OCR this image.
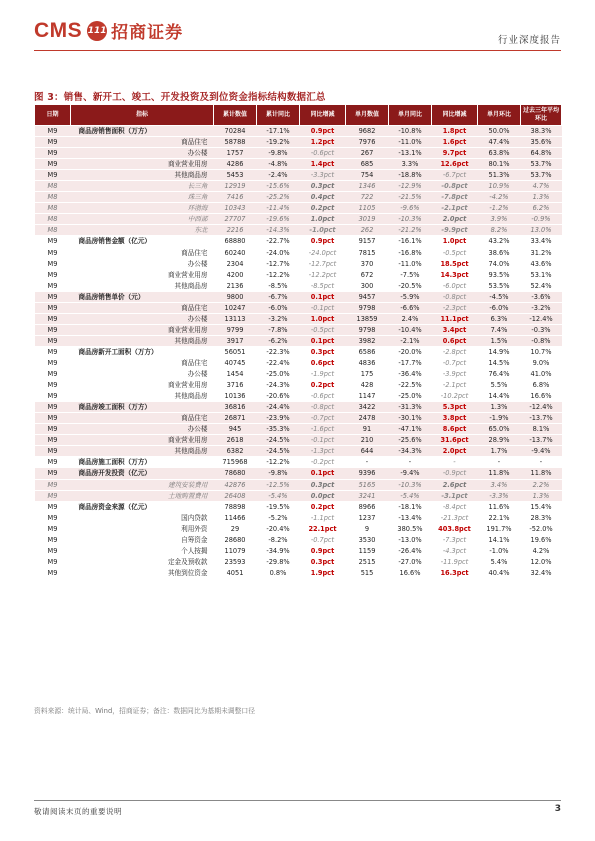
CMS 111 招商证券	行业深度报告
图 3：销售、新开工、竣工、开发投资及到位资金指标结构数据汇总
日期	指标	累计数值	累计同比	同比增减	单月数值	单月同比	同比增减	单月环比	过去三年平均环比
M9	商品房销售面积（万方）	70284	-17.1%	0.9pct	9682	-10.8%	1.8pct	50.0%	38.3%
M9	商品住宅	58788	-19.2%	1.2pct	7976	-11.0%	1.6pct	47.4%	35.6%
M9	办公楼	1757	-9.8%	-0.6pct	267	-13.1%	9.7pct	63.8%	64.8%
M9	商业营业用房	4286	-4.8%	1.4pct	685	3.3%	12.6pct	80.1%	53.7%
M9	其他商品房	5453	-2.4%	-3.3pct	754	-18.8%	-6.7pct	51.3%	53.7%
M8	长三角	12919	-15.6%	0.3pct	1346	-12.9%	-0.8pct	10.9%	4.7%
M8	珠三角	7416	-25.2%	0.4pct	722	-21.5%	-7.8pct	-4.2%	1.3%
M8	环渤海	10343	-11.4%	0.2pct	1105	-9.6%	-2.1pct	-1.2%	6.2%
M8	中西部	27707	-19.6%	1.0pct	3019	-10.3%	2.0pct	3.9%	-0.9%
M8	东北	2216	-14.3%	-1.0pct	262	-21.2%	-9.9pct	8.2%	13.0%
M9	商品房销售金额（亿元）	68880	-22.7%	0.9pct	9157	-16.1%	1.0pct	43.2%	33.4%
M9	商品住宅	60240	-24.0%	-24.0pct	7815	-16.8%	-0.5pct	38.6%	31.2%
M9	办公楼	2304	-12.7%	-12.7pct	370	-11.0%	18.5pct	74.0%	43.6%
M9	商业营业用房	4200	-12.2%	-12.2pct	672	-7.5%	14.3pct	93.5%	53.1%
M9	其他商品房	2136	-8.5%	-8.5pct	300	-20.5%	-6.0pct	53.5%	52.4%
M9	商品房销售单价（元）	9800	-6.7%	0.1pct	9457	-5.9%	-0.8pct	-4.5%	-3.6%
M9	商品住宅	10247	-6.0%	-0.1pct	9798	-6.6%	-2.3pct	-6.0%	-3.2%
M9	办公楼	13113	-3.2%	1.0pct	13859	2.4%	11.1pct	6.3%	-12.4%
M9	商业营业用房	9799	-7.8%	-0.5pct	9798	-10.4%	3.4pct	7.4%	-0.3%
M9	其他商品房	3917	-6.2%	0.1pct	3982	-2.1%	0.6pct	1.5%	-0.8%
M9	商品房新开工面积（万方）	56051	-22.3%	0.3pct	6586	-20.0%	-2.8pct	14.9%	10.7%
M9	商品住宅	40745	-22.4%	0.6pct	4836	-17.7%	-0.7pct	14.5%	9.0%
M9	办公楼	1454	-25.0%	-1.9pct	175	-36.4%	-3.9pct	76.4%	41.0%
M9	商业营业用房	3716	-24.3%	0.2pct	428	-22.5%	-2.1pct	5.5%	6.8%
M9	其他商品房	10136	-20.6%	-0.6pct	1147	-25.0%	-10.2pct	14.4%	16.6%
M9	商品房竣工面积（万方）	36816	-24.4%	-0.8pct	3422	-31.3%	5.3pct	1.3%	-12.4%
M9	商品住宅	26871	-23.9%	-0.7pct	2478	-30.1%	3.8pct	-1.9%	-13.7%
M9	办公楼	945	-35.3%	-1.6pct	91	-47.1%	8.6pct	65.0%	8.1%
M9	商业营业用房	2618	-24.5%	-0.1pct	210	-25.6%	31.6pct	28.9%	-13.7%
M9	其他商品房	6382	-24.5%	-1.3pct	644	-34.3%	2.0pct	1.7%	-9.4%
M9	商品房施工面积（万方）	715968	-12.2%	-0.2pct	-	-	-	-	-
M9	商品房开发投资（亿元）	78680	-9.8%	0.1pct	9396	-9.4%	-0.9pct	11.8%	11.8%
M9	建筑安装费用	42876	-12.5%	0.3pct	5165	-10.3%	2.6pct	3.4%	2.2%
M9	土地购置费用	26408	-5.4%	0.0pct	3241	-5.4%	-3.1pct	-3.3%	1.3%
M9	商品房资金来源（亿元）	78898	-19.5%	0.2pct	8966	-18.1%	-8.4pct	11.6%	15.4%
M9	国内贷款	11466	-5.2%	-1.1pct	1237	-13.4%	-21.3pct	22.1%	28.3%
M9	利用外资	29	-20.4%	22.1pct	9	380.5%	403.8pct	191.7%	-52.0%
M9	自筹资金	28680	-8.2%	-0.7pct	3530	-13.0%	-7.3pct	14.1%	19.6%
M9	个人按揭	11079	-34.9%	0.9pct	1159	-26.4%	-4.3pct	-1.0%	4.2%
M9	定金及预收款	23593	-29.8%	0.3pct	2515	-27.0%	-11.9pct	5.4%	12.0%
M9	其他到位资金	4051	0.8%	1.9pct	515	16.6%	16.3pct	40.4%	32.4%
资料来源：统计局、Wind，招商证券；备注：数据同比为基期未调整口径
敬请阅读末页的重要说明	3
